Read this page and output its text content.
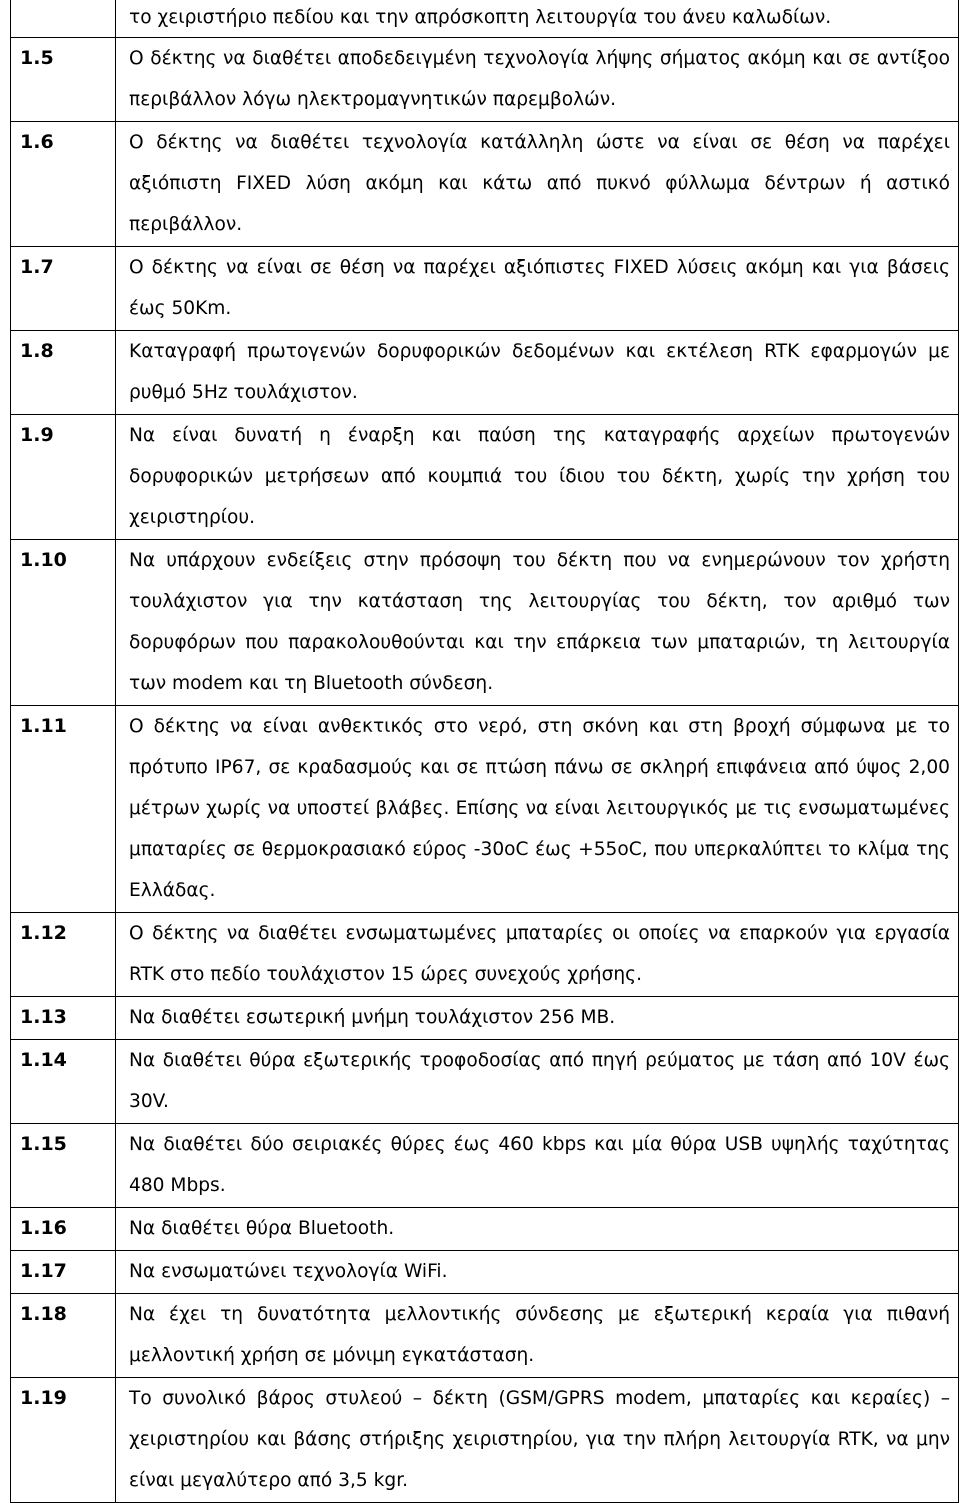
	το χειριστήριο πεδίου και την απρόσκοπτη λειτουργία του άνευ καλωδίων.
1.5	Ο δέκτης να διαθέτει αποδεδειγμένη τεχνολογία λήψης σήματος ακόμη και σε αντίξοο περιβάλλον λόγω ηλεκτρομαγνητικών παρεμβολών.
1.6	Ο δέκτης να διαθέτει τεχνολογία κατάλληλη ώστε να είναι σε θέση να παρέχει αξιόπιστη FIXED λύση ακόμη και κάτω από πυκνό φύλλωμα δέντρων ή αστικό περιβάλλον.
1.7	Ο δέκτης να είναι σε θέση να παρέχει αξιόπιστες FIXED λύσεις ακόμη και για βάσεις έως 50Km.
1.8	Καταγραφή πρωτογενών δορυφορικών δεδομένων και εκτέλεση RTK εφαρμογών με ρυθμό 5Hz τουλάχιστον.
1.9	Να είναι δυνατή η έναρξη και παύση της καταγραφής αρχείων πρωτογενών δορυφορικών μετρήσεων από κουμπιά του ίδιου του δέκτη, χωρίς την χρήση του χειριστηρίου.
1.10	Να υπάρχουν ενδείξεις στην πρόσοψη του δέκτη που να ενημερώνουν τον χρήστη τουλάχιστον για την κατάσταση της λειτουργίας του δέκτη, τον αριθμό των δορυφόρων που παρακολουθούνται και την επάρκεια των μπαταριών, τη λειτουργία των modem και τη Bluetooth σύνδεση.
1.11	Ο δέκτης να είναι ανθεκτικός στο νερό, στη σκόνη και στη βροχή σύμφωνα με το πρότυπο IP67, σε κραδασμούς και σε πτώση πάνω σε σκληρή επιφάνεια από ύψος 2,00 μέτρων χωρίς να υποστεί βλάβες. Επίσης να είναι λειτουργικός με τις ενσωματωμένες μπαταρίες σε θερμοκρασιακό εύρος -30oC έως +55oC, που υπερκαλύπτει το κλίμα της Ελλάδας.
1.12	Ο δέκτης να διαθέτει ενσωματωμένες μπαταρίες οι οποίες να επαρκούν για εργασία RTK στο πεδίο τουλάχιστον 15 ώρες συνεχούς χρήσης.
1.13	Να διαθέτει εσωτερική μνήμη τουλάχιστον 256 MB.
1.14	Να διαθέτει θύρα εξωτερικής τροφοδοσίας από πηγή ρεύματος με τάση από 10V έως 30V.
1.15	Να διαθέτει δύο σειριακές θύρες έως 460 kbps και μία θύρα USB υψηλής ταχύτητας 480 Mbps.
1.16	Να διαθέτει θύρα Bluetooth.
1.17	Να ενσωματώνει τεχνολογία WiFi.
1.18	Να έχει τη δυνατότητα μελλοντικής σύνδεσης με εξωτερική κεραία για πιθανή μελλοντική χρήση σε μόνιμη εγκατάσταση.
1.19	Το συνολικό βάρος στυλεού – δέκτη (GSM/GPRS modem, μπαταρίες και κεραίες) – χειριστηρίου και βάσης στήριξης χειριστηρίου, για την πλήρη λειτουργία RTK, να μην είναι μεγαλύτερο από 3,5 kgr.
